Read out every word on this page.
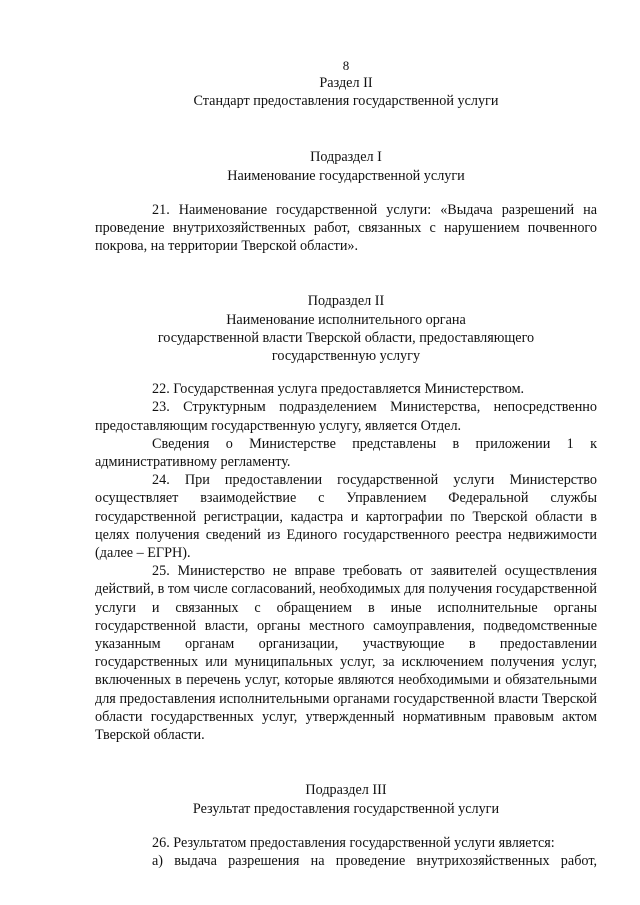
8
Раздел II
Стандарт предоставления государственной услуги
Подраздел I
Наименование государственной услуги

21. Наименование государственной услуги: «Выдача разрешений на проведение внутрихозяйственных работ, связанных с нарушением почвенного покрова, на территории Тверской области».

Подраздел II
Наименование исполнительного органа
государственной власти Тверской области, предоставляющего
государственную услугу

22. Государственная услуга предоставляется Министерством.

23. Структурным подразделением Министерства, непосредственно предоставляющим государственную услугу, является Отдел.

Сведения о Министерстве представлены в приложении 1 к административному регламенту.

24. При предоставлении государственной услуги Министерство осуществляет взаимодействие с Управлением Федеральной службы государственной регистрации, кадастра и картографии по Тверской области в целях получения сведений из Единого государственного реестра недвижимости (далее – ЕГРН).

25. Министерство не вправе требовать от заявителей осуществления действий, в том числе согласований, необходимых для получения государственной услуги и связанных с обращением в иные исполнительные органы государственной власти, органы местного самоуправления, подведомственные указанным органам организации, участвующие в предоставлении государственных или муниципальных услуг, за исключением получения услуг, включенных в перечень услуг, которые являются необходимыми и обязательными для предоставления исполнительными органами государственной власти Тверской области государственных услуг, утвержденный нормативным правовым актом Тверской области.

Подраздел III
Результат предоставления государственной услуги

26. Результатом предоставления государственной услуги является:

а) выдача разрешения на проведение внутрихозяйственных работ,
